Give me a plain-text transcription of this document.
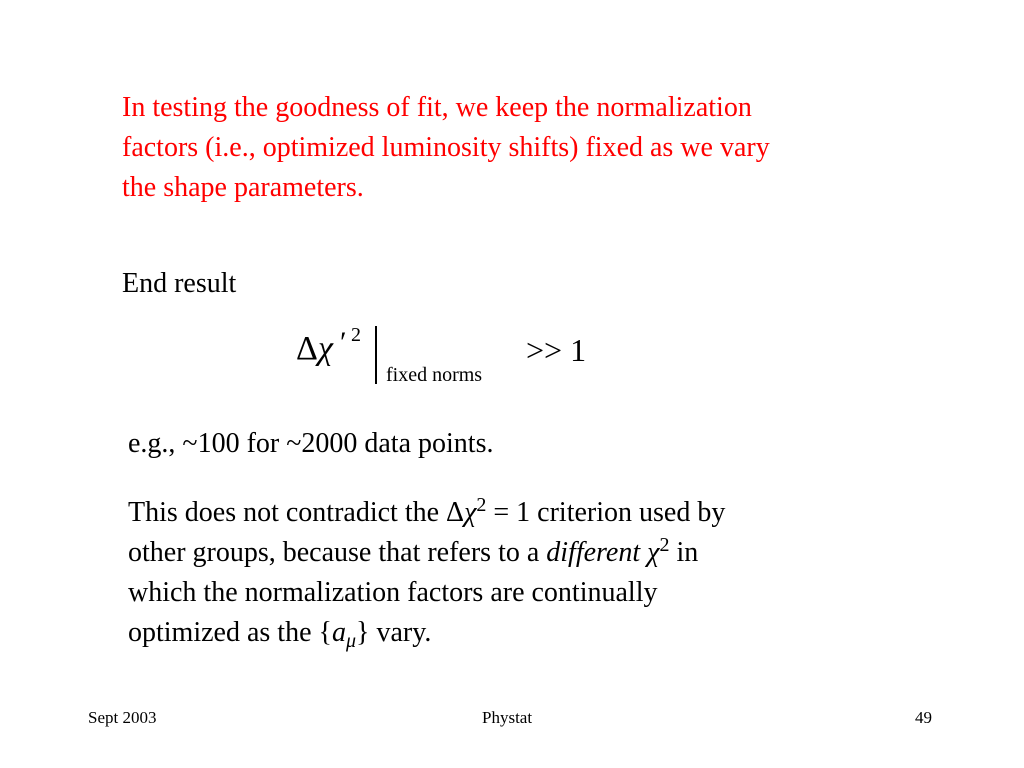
In testing the goodness of fit, we keep the normalization
factors (i.e., optimized luminosity shifts) fixed as we vary
the shape parameters.

End result

Δ χ ′ 2
fixed norms
>> 1

e.g., ~100 for ~2000 data points.

This does not contradict the $\Delta\chi^2 = 1$ criterion used by
other groups, because that refers to a different $\chi^2$ in
which the normalization factors are continually
optimized as the $\{a_\mu\}$ vary.
Sept 2003	Phystat	49
